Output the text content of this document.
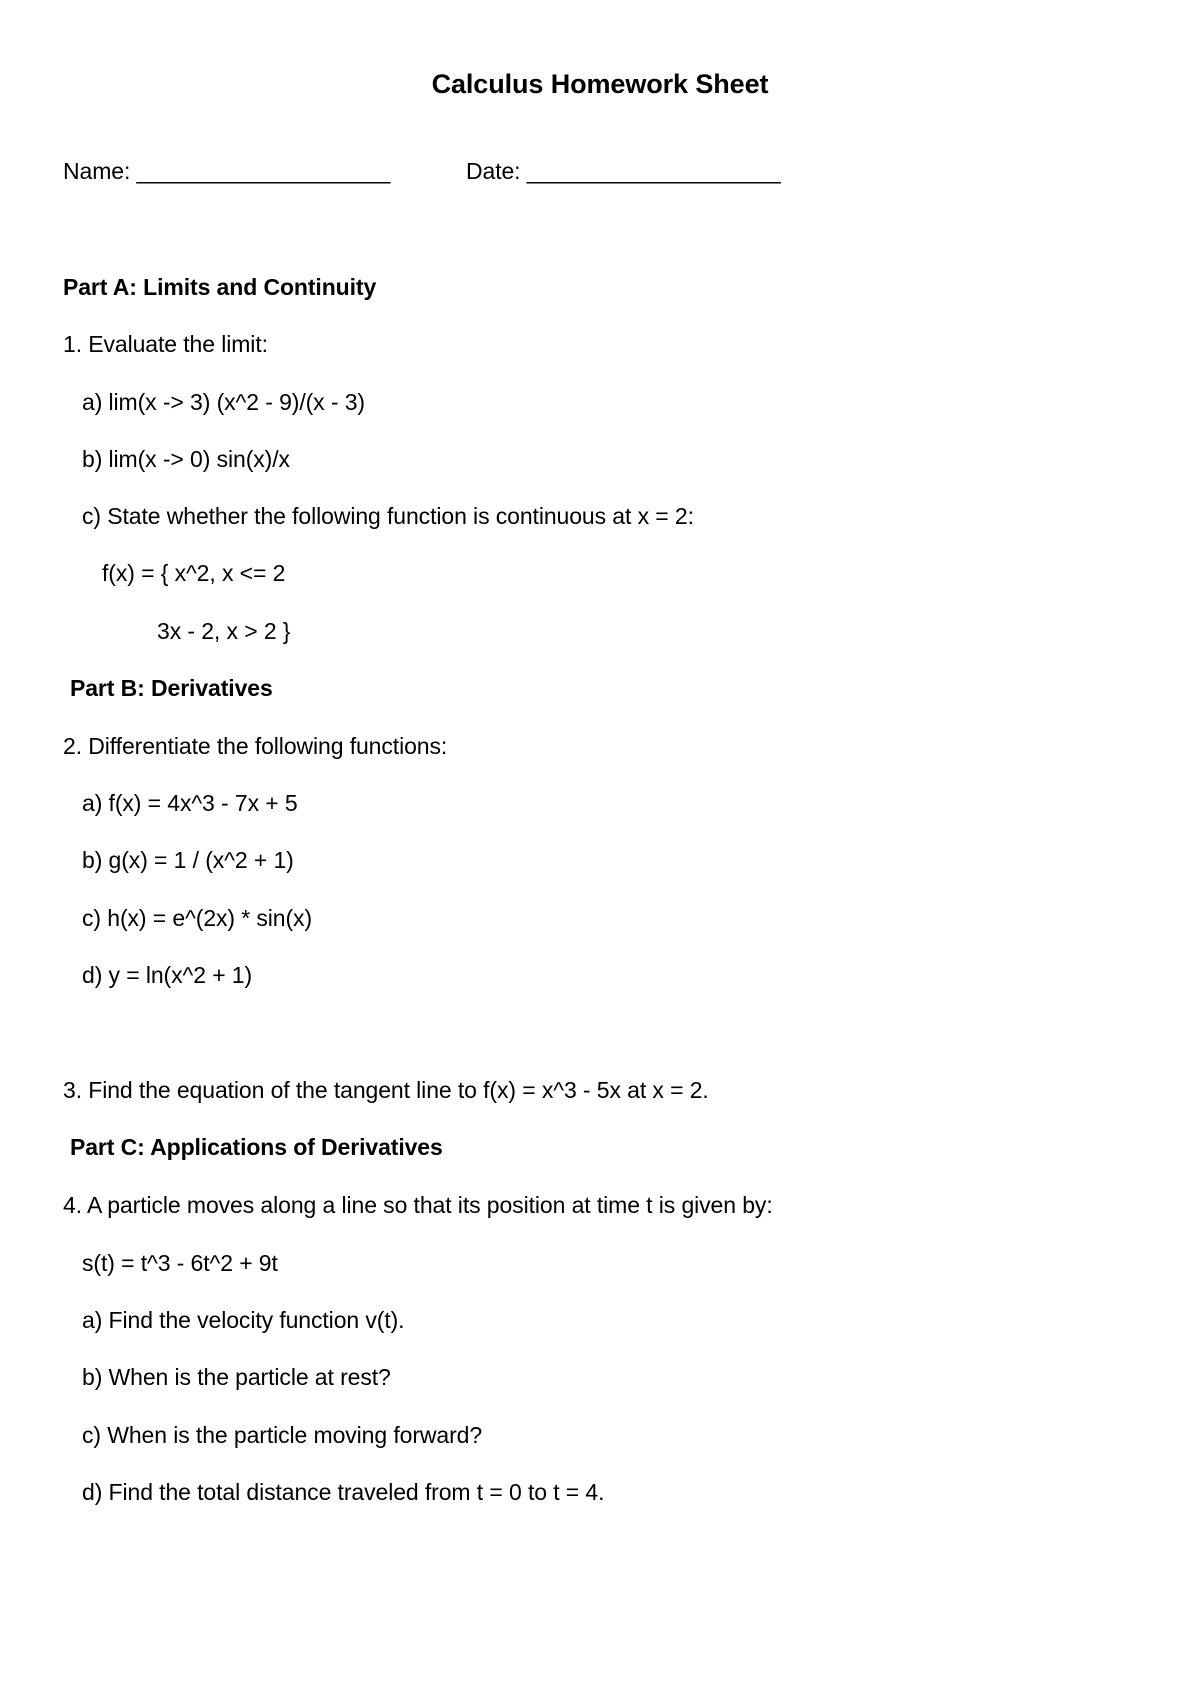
Calculus Homework Sheet
Name: ____________________	Date: ____________________
Part A: Limits and Continuity
1. Evaluate the limit:
a) lim(x -> 3) (x^2 - 9)/(x - 3)
b) lim(x -> 0) sin(x)/x
c) State whether the following function is continuous at x = 2:
f(x) = { x^2, x <= 2
3x - 2, x > 2 }
Part B: Derivatives
2. Differentiate the following functions:
a) f(x) = 4x^3 - 7x + 5
b) g(x) = 1 / (x^2 + 1)
c) h(x) = e^(2x) * sin(x)
d) y = ln(x^2 + 1)
3. Find the equation of the tangent line to f(x) = x^3 - 5x at x = 2.
Part C: Applications of Derivatives
4. A particle moves along a line so that its position at time t is given by:
s(t) = t^3 - 6t^2 + 9t
a) Find the velocity function v(t).
b) When is the particle at rest?
c) When is the particle moving forward?
d) Find the total distance traveled from t = 0 to t = 4.
